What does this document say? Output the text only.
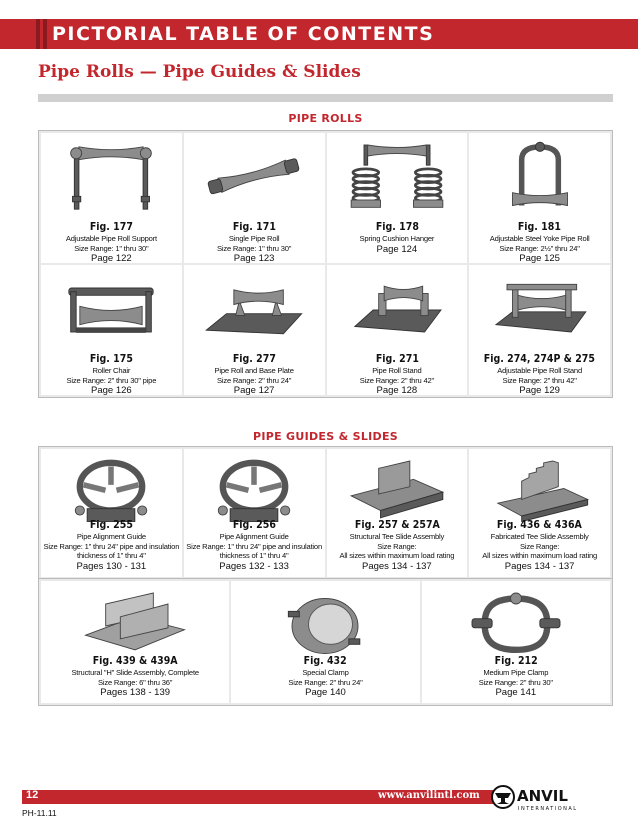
PICTORIAL TABLE OF CONTENTS
Pipe Rolls — Pipe Guides & Slides
PIPE ROLLS
Fig. 177
Adjustable Pipe Roll Support
Size Range: 1" thru 30"
Page 122
Fig. 171
Single Pipe Roll
Size Range: 1" thru 30"
Page 123
Fig. 178
Spring Cushion Hanger
Page 124
Fig. 181
Adjustable Steel Yoke Pipe Roll
Size Range: 2½" thru 24"
Page 125
Fig. 175
Roller Chair
Size Range: 2" thru 30" pipe
Page 126
Fig. 277
Pipe Roll and Base Plate
Size Range: 2" thru 24"
Page 127
Fig. 271
Pipe Roll Stand
Size Range: 2" thru 42"
Page 128
Fig. 274, 274P & 275
Adjustable Pipe Roll Stand
Size Range: 2" thru 42"
Page 129
PIPE GUIDES & SLIDES
Fig. 255
Pipe Alignment Guide
Size Range: 1" thru 24" pipe and insulation
thickness of 1" thru 4"
Pages 130 - 131
Fig. 256
Pipe Alignment Guide
Size Range: 1" thru 24" pipe and insulation
thickness of 1" thru 4"
Pages 132 - 133
Fig. 257 & 257A
Structural Tee Slide Assembly
Size Range:
All sizes within maximum load rating
Pages 134 - 137
Fig. 436 & 436A
Fabricated Tee Slide Assembly
Size Range:
All sizes within maximum load rating
Pages 134 - 137
Fig. 439 & 439A
Structural "H" Slide Assembly, Complete
Size Range: 6" thru 36"
Pages 138 - 139
Fig. 432
Special Clamp
Size Range: 2" thru 24"
Page 140
Fig. 212
Medium Pipe Clamp
Size Range: 2" thru 30"
Page 141
12	www.anvilintl.com
PH-11.11
ANVIL
INTERNATIONAL
